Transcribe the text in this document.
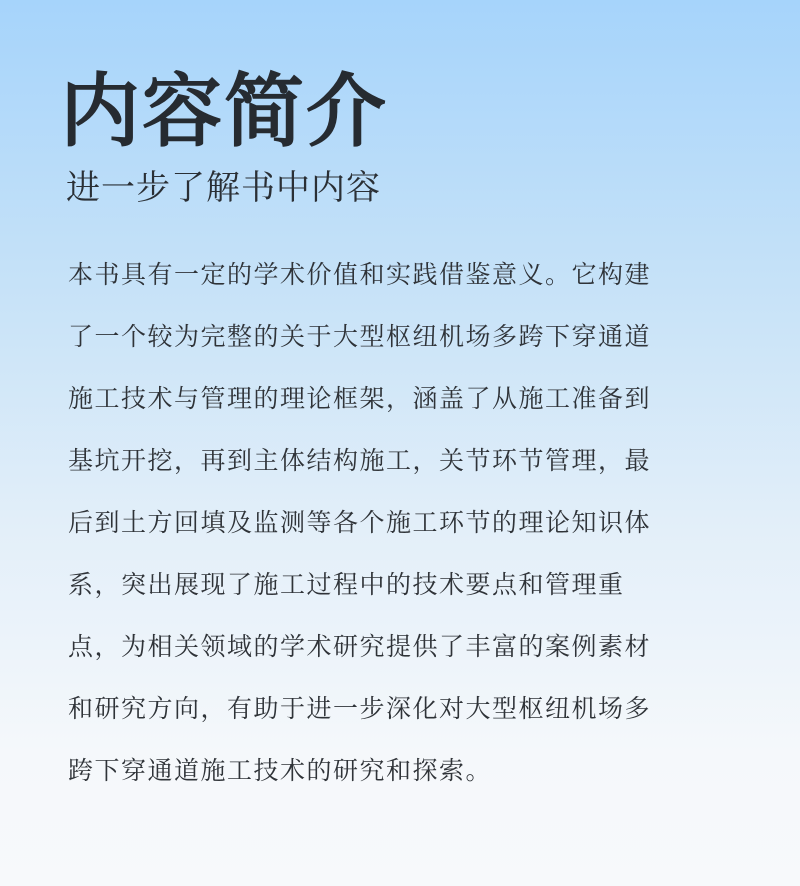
内容简介
进一步了解书中内容
本书具有一定的学术价值和实践借鉴意义。它构建
了一个较为完整的关于大型枢纽机场多跨下穿通道
施工技术与管理的理论框架，涵盖了从施工准备到
基坑开挖，再到主体结构施工，关节环节管理，最
后到土方回填及监测等各个施工环节的理论知识体
系，突出展现了施工过程中的技术要点和管理重
点，为相关领域的学术研究提供了丰富的案例素材
和研究方向，有助于进一步深化对大型枢纽机场多
跨下穿通道施工技术的研究和探索。
